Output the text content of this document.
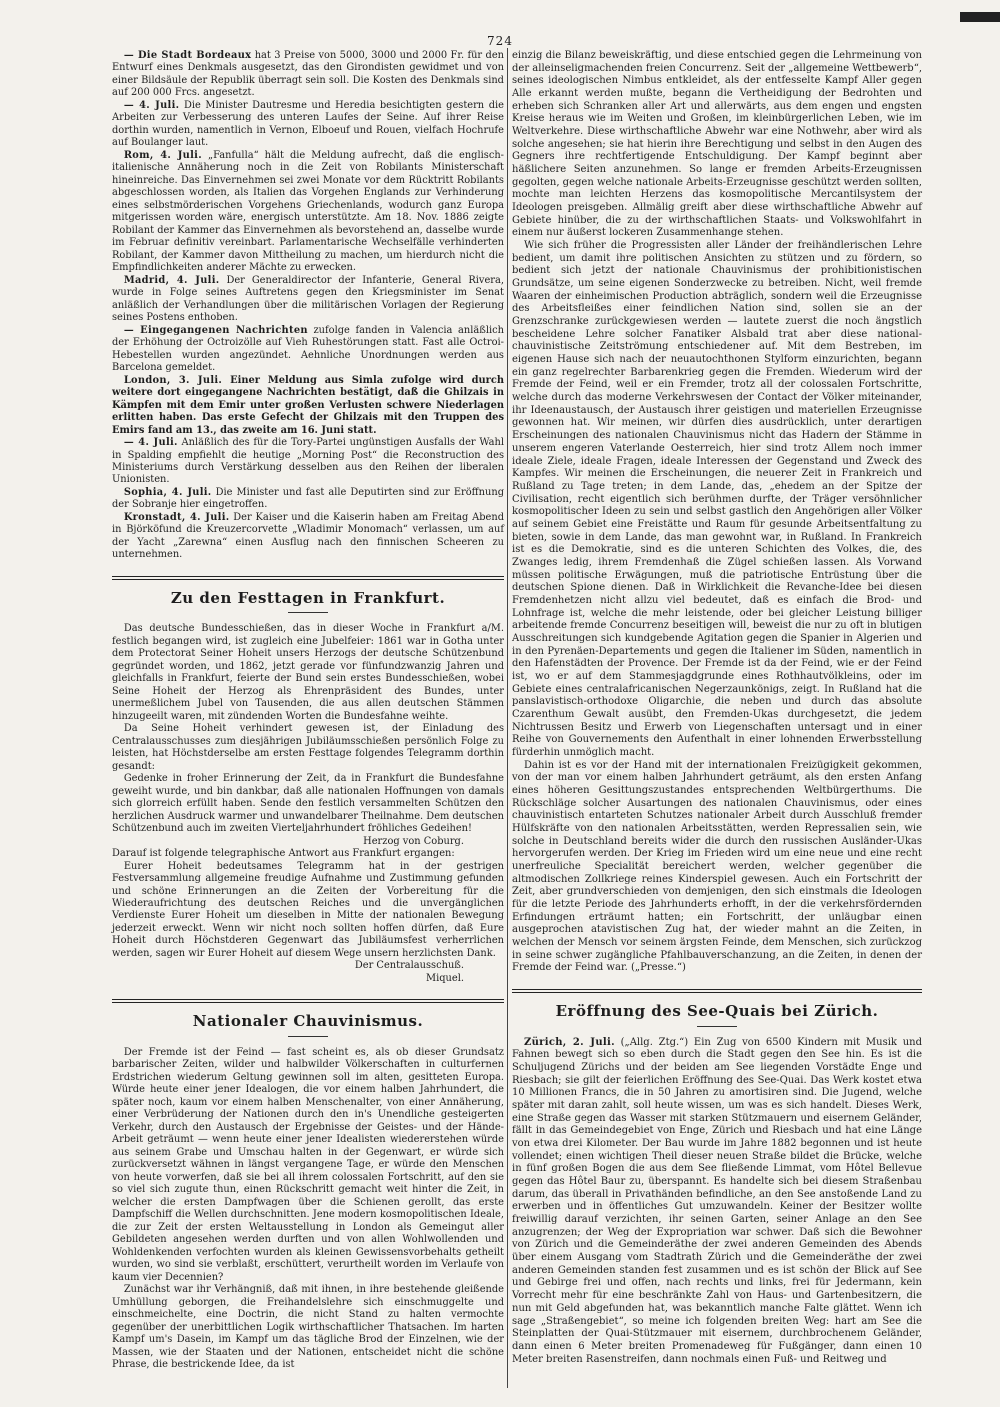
724

— Die Stadt Bordeaux hat 3 Preise von 5000, 3000 und 2000 Fr. für den Entwurf eines Denkmals ausgesetzt, das den Girondisten gewidmet und von einer Bildsäule der Republik überragt sein soll. Die Kosten des Denkmals sind auf 200 000 Frcs. angesetzt.

— 4. Juli. Die Minister Dautresme und Heredia besichtigten gestern die Arbeiten zur Verbesserung des unteren Laufes der Seine. Auf ihrer Reise dorthin wurden, namentlich in Vernon, Elboeuf und Rouen, vielfach Hochrufe auf Boulanger laut.

Rom, 4. Juli. „Fanfulla“ hält die Meldung aufrecht, daß die englisch-italienische Annäherung noch in die Zeit von Robilants Ministerschaft hineinreiche. Das Einvernehmen sei zwei Monate vor dem Rücktritt Robilants abgeschlossen worden, als Italien das Vorgehen Englands zur Verhinderung eines selbstmörderischen Vorgehens Griechenlands, wodurch ganz Europa mitgerissen worden wäre, energisch unterstützte. Am 18. Nov. 1886 zeigte Robilant der Kammer das Einvernehmen als bevorstehend an, dasselbe wurde im Februar definitiv vereinbart. Parlamentarische Wechselfälle verhinderten Robilant, der Kammer davon Mittheilung zu machen, um hierdurch nicht die Empfindlichkeiten anderer Mächte zu erwecken.

Madrid, 4. Juli. Der Generaldirector der Infanterie, General Rivera, wurde in Folge seines Auftretens gegen den Kriegsminister im Senat anläßlich der Verhandlungen über die militärischen Vorlagen der Regierung seines Postens enthoben.

— Eingegangenen Nachrichten zufolge fanden in Valencia anläßlich der Erhöhung der Octroizölle auf Vieh Ruhestörungen statt. Fast alle Octroi-Hebestellen wurden angezündet. Aehnliche Unordnungen werden aus Barcelona gemeldet.

London, 3. Juli. Einer Meldung aus Simla zufolge wird durch weitere dort eingegangene Nachrichten bestätigt, daß die Ghilzais in Kämpfen mit dem Emir unter großen Verlusten schwere Niederlagen erlitten haben. Das erste Gefecht der Ghilzais mit den Truppen des Emirs fand am 13., das zweite am 16. Juni statt.

— 4. Juli. Anläßlich des für die Tory-Partei ungünstigen Ausfalls der Wahl in Spalding empfiehlt die heutige „Morning Post“ die Reconstruction des Ministeriums durch Verstärkung desselben aus den Reihen der liberalen Unionisten.

Sophia, 4. Juli. Die Minister und fast alle Deputirten sind zur Eröffnung der Sobranje hier eingetroffen.

Kronstadt, 4. Juli. Der Kaiser und die Kaiserin haben am Freitag Abend in Björköfund die Kreuzercorvette „Wladimir Monomach“ verlassen, um auf der Yacht „Zarewna“ einen Ausflug nach den finnischen Scheeren zu unternehmen.

Zu den Festtagen in Frankfurt.

Das deutsche Bundesschießen, das in dieser Woche in Frankfurt a/M. festlich begangen wird, ist zugleich eine Jubelfeier: 1861 war in Gotha unter dem Protectorat Seiner Hoheit unsers Herzogs der deutsche Schützenbund gegründet worden, und 1862, jetzt gerade vor fünfundzwanzig Jahren und gleichfalls in Frankfurt, feierte der Bund sein erstes Bundesschießen, wobei Seine Hoheit der Herzog als Ehrenpräsident des Bundes, unter unermeßlichem Jubel von Tausenden, die aus allen deutschen Stämmen hinzugeeilt waren, mit zündenden Worten die Bundesfahne weihte.

Da Seine Hoheit verhindert gewesen ist, der Einladung des Centralausschusses zum diesjährigen Jubiläumsschießen persönlich Folge zu leisten, hat Höchstderselbe am ersten Festtage folgendes Telegramm dorthin gesandt:

Gedenke in froher Erinnerung der Zeit, da in Frankfurt die Bundesfahne geweiht wurde, und bin dankbar, daß alle nationalen Hoffnungen von damals sich glorreich erfüllt haben. Sende den festlich versammelten Schützen den herzlichen Ausdruck warmer und unwandelbarer Theilnahme. Dem deutschen Schützenbund auch im zweiten Vierteljahrhundert fröhliches Gedeihen!

Herzog von Coburg.

Darauf ist folgende telegraphische Antwort aus Frankfurt ergangen:

Eurer Hoheit bedeutsames Telegramm hat in der gestrigen Festversammlung allgemeine freudige Aufnahme und Zustimmung gefunden und schöne Erinnerungen an die Zeiten der Vorbereitung für die Wiederaufrichtung des deutschen Reiches und die unvergänglichen Verdienste Eurer Hoheit um dieselben in Mitte der nationalen Bewegung jederzeit erweckt. Wenn wir nicht noch sollten hoffen dürfen, daß Eure Hoheit durch Höchstderen Gegenwart das Jubiläumsfest verherrlichen werden, sagen wir Eurer Hoheit auf diesem Wege unsern herzlichsten Dank.

Der Centralausschuß.
Miquel.
Nationaler Chauvinismus.

Der Fremde ist der Feind — fast scheint es, als ob dieser Grundsatz barbarischer Zeiten, wilder und halbwilder Völkerschaften in culturfernen Erdstrichen wiederum Geltung gewinnen soll im alten, gesitteten Europa. Würde heute einer jener Idealogen, die vor einem halben Jahrhundert, die später noch, kaum vor einem halben Menschenalter, von einer Annäherung, einer Verbrüderung der Nationen durch den in's Unendliche gesteigerten Verkehr, durch den Austausch der Ergebnisse der Geistes- und der Hände-Arbeit geträumt — wenn heute einer jener Idealisten wiedererstehen würde aus seinem Grabe und Umschau halten in der Gegenwart, er würde sich zurückversetzt wähnen in längst vergangene Tage, er würde den Menschen von heute vorwerfen, daß sie bei all ihrem colossalen Fortschritt, auf den sie so viel sich zugute thun, einen Rückschritt gemacht weit hinter die Zeit, in welcher die ersten Dampfwagen über die Schienen gerollt, das erste Dampfschiff die Wellen durchschnitten. Jene modern kosmopolitischen Ideale, die zur Zeit der ersten Weltausstellung in London als Gemeingut aller Gebildeten angesehen werden durften und von allen Wohlwollenden und Wohldenkenden verfochten wurden als kleinen Gewissensvorbehalts getheilt wurden, wo sind sie verblaßt, erschüttert, verurtheilt worden im Verlaufe von kaum vier Decennien?

Zunächst war ihr Verhängniß, daß mit ihnen, in ihre bestehende gleißende Umhüllung geborgen, die Freihandelslehre sich einschmuggelte und einschmeichelte, eine Doctrin, die nicht Stand zu halten vermochte gegenüber der unerbittlichen Logik wirthschaftlicher Thatsachen. Im harten Kampf um's Dasein, im Kampf um das tägliche Brod der Einzelnen, wie der Massen, wie der Staaten und der Nationen, entscheidet nicht die schöne Phrase, die bestrickende Idee, da ist

einzig die Bilanz beweiskräftig, und diese entschied gegen die Lehrmeinung von der alleinseligmachenden freien Concurrenz. Seit der „allgemeine Wettbewerb“, seines ideologischen Nimbus entkleidet, als der entfesselte Kampf Aller gegen Alle erkannt werden mußte, begann die Vertheidigung der Bedrohten und erheben sich Schranken aller Art und allerwärts, aus dem engen und engsten Kreise heraus wie im Weiten und Großen, im kleinbürgerlichen Leben, wie im Weltverkehre. Diese wirthschaftliche Abwehr war eine Nothwehr, aber wird als solche angesehen; sie hat hierin ihre Berechtigung und selbst in den Augen des Gegners ihre rechtfertigende Entschuldigung. Der Kampf beginnt aber häßlichere Seiten anzunehmen. So lange er fremden Arbeits-Erzeugnissen gegolten, gegen welche nationale Arbeits-Erzeugnisse geschützt werden sollten, mochte man leichten Herzens das kosmopolitische Mercantilsystem der Ideologen preisgeben. Allmälig greift aber diese wirthschaftliche Abwehr auf Gebiete hinüber, die zu der wirthschaftlichen Staats- und Volkswohlfahrt in einem nur äußerst lockeren Zusammenhange stehen.

Wie sich früher die Progressisten aller Länder der freihändlerischen Lehre bedient, um damit ihre politischen Ansichten zu stützen und zu fördern, so bedient sich jetzt der nationale Chauvinismus der prohibitionistischen Grundsätze, um seine eigenen Sonderzwecke zu betreiben. Nicht, weil fremde Waaren der einheimischen Production abträglich, sondern weil die Erzeugnisse des Arbeitsfleißes einer feindlichen Nation sind, sollen sie an der Grenzschranke zurückgewiesen werden — lautete zuerst die noch ängstlich bescheidene Lehre solcher Fanatiker Alsbald trat aber diese national-chauvinistische Zeitströmung entschiedener auf. Mit dem Bestreben, im eigenen Hause sich nach der neuautochthonen Stylform einzurichten, begann ein ganz regelrechter Barbarenkrieg gegen die Fremden. Wiederum wird der Fremde der Feind, weil er ein Fremder, trotz all der colossalen Fortschritte, welche durch das moderne Verkehrswesen der Contact der Völker miteinander, ihr Ideenaustausch, der Austausch ihrer geistigen und materiellen Erzeugnisse gewonnen hat. Wir meinen, wir dürfen dies ausdrücklich, unter derartigen Erscheinungen des nationalen Chauvinismus nicht das Hadern der Stämme in unserem engeren Vaterlande Oesterreich, hier sind trotz Allem noch immer ideale Ziele, ideale Fragen, ideale Interessen der Gegenstand und Zweck des Kampfes. Wir meinen die Erscheinungen, die neuerer Zeit in Frankreich und Rußland zu Tage treten; in dem Lande, das, „ehedem an der Spitze der Civilisation, recht eigentlich sich berühmen durfte, der Träger versöhnlicher kosmopolitischer Ideen zu sein und selbst gastlich den Angehörigen aller Völker auf seinem Gebiet eine Freistätte und Raum für gesunde Arbeitsentfaltung zu bieten, sowie in dem Lande, das man gewohnt war, in Rußland. In Frankreich ist es die Demokratie, sind es die unteren Schichten des Volkes, die, des Zwanges ledig, ihrem Fremdenhaß die Zügel schießen lassen. Als Vorwand müssen politische Erwägungen, muß die patriotische Entrüstung über die deutschen Spione dienen. Daß in Wirklichkeit die Revanche-Idee bei diesen Fremdenhetzen nicht allzu viel bedeutet, daß es einfach die Brod- und Lohnfrage ist, welche die mehr leistende, oder bei gleicher Leistung billiger arbeitende fremde Concurrenz beseitigen will, beweist die nur zu oft in blutigen Ausschreitungen sich kundgebende Agitation gegen die Spanier in Algerien und in den Pyrenäen-Departements und gegen die Italiener im Süden, namentlich in den Hafenstädten der Provence. Der Fremde ist da der Feind, wie er der Feind ist, wo er auf dem Stammesjagdgrunde eines Rothhautvölkleins, oder im Gebiete eines centralafricanischen Negerzaunkönigs, zeigt. In Rußland hat die panslavistisch-orthodoxe Oligarchie, die neben und durch das absolute Czarenthum Gewalt ausübt, den Fremden-Ukas durchgesetzt, die jedem Nichtrussen Besitz und Erwerb von Liegenschaften untersagt und in einer Reihe von Gouvernements den Aufenthalt in einer lohnenden Erwerbsstellung fürderhin unmöglich macht.

Dahin ist es vor der Hand mit der internationalen Freizügigkeit gekommen, von der man vor einem halben Jahrhundert geträumt, als den ersten Anfang eines höheren Gesittungszustandes entsprechenden Weltbürgerthums. Die Rückschläge solcher Ausartungen des nationalen Chauvinismus, oder eines chauvinistisch entarteten Schutzes nationaler Arbeit durch Ausschluß fremder Hülfskräfte von den nationalen Arbeitsstätten, werden Repressalien sein, wie solche in Deutschland bereits wider die durch den russischen Ausländer-Ukas hervorgerufen werden. Der Krieg im Frieden wird um eine neue und eine recht unerfreuliche Specialität bereichert werden, welcher gegenüber die altmodischen Zollkriege reines Kinderspiel gewesen. Auch ein Fortschritt der Zeit, aber grundverschieden von demjenigen, den sich einstmals die Ideologen für die letzte Periode des Jahrhunderts erhofft, in der die verkehrsfördernden Erfindungen erträumt hatten; ein Fortschritt, der unläugbar einen ausgeprochen atavistischen Zug hat, der wieder mahnt an die Zeiten, in welchen der Mensch vor seinem ärgsten Feinde, dem Menschen, sich zurückzog in seine schwer zugängliche Pfahlbauverschanzung, an die Zeiten, in denen der Fremde der Feind war. („Presse.“)

Eröffnung des See-Quais bei Zürich.

Zürich, 2. Juli. („Allg. Ztg.“) Ein Zug von 6500 Kindern mit Musik und Fahnen bewegt sich so eben durch die Stadt gegen den See hin. Es ist die Schuljugend Zürichs und der beiden am See liegenden Vorstädte Enge und Riesbach; sie gilt der feierlichen Eröffnung des See-Quai. Das Werk kostet etwa 10 Millionen Francs, die in 50 Jahren zu amortisiren sind. Die Jugend, welche später mit daran zahlt, soll heute wissen, um was es sich handelt. Dieses Werk, eine Straße gegen das Wasser mit starken Stützmauern und eisernem Geländer, fällt in das Gemeindegebiet von Enge, Zürich und Riesbach und hat eine Länge von etwa drei Kilometer. Der Bau wurde im Jahre 1882 begonnen und ist heute vollendet; einen wichtigen Theil dieser neuen Straße bildet die Brücke, welche in fünf großen Bogen die aus dem See fließende Limmat, vom Hôtel Bellevue gegen das Hôtel Baur zu, überspannt. Es handelte sich bei diesem Straßenbau darum, das überall in Privathänden befindliche, an den See anstoßende Land zu erwerben und in öffentliches Gut umzuwandeln. Keiner der Besitzer wollte freiwillig darauf verzichten, ihr seinen Garten, seiner Anlage an den See anzugrenzen; der Weg der Expropriation war schwer. Daß sich die Bewohner von Zürich und die Gemeinderäthe der zwei anderen Gemeinden des Abends über einem Ausgang vom Stadtrath Zürich und die Gemeinderäthe der zwei anderen Gemeinden standen fest zusammen und es ist schön der Blick auf See und Gebirge frei und offen, nach rechts und links, frei für Jedermann, kein Vorrecht mehr für eine beschränkte Zahl von Haus- und Gartenbesitzern, die nun mit Geld abgefunden hat, was bekanntlich manche Falte glättet. Wenn ich sage „Straßengebiet“, so meine ich folgenden breiten Weg: hart am See die Steinplatten der Quai-Stützmauer mit eisernem, durchbrochenem Geländer, dann einen 6 Meter breiten Promenadeweg für Fußgänger, dann einen 10 Meter breiten Rasenstreifen, dann nochmals einen Fuß- und Reitweg und
